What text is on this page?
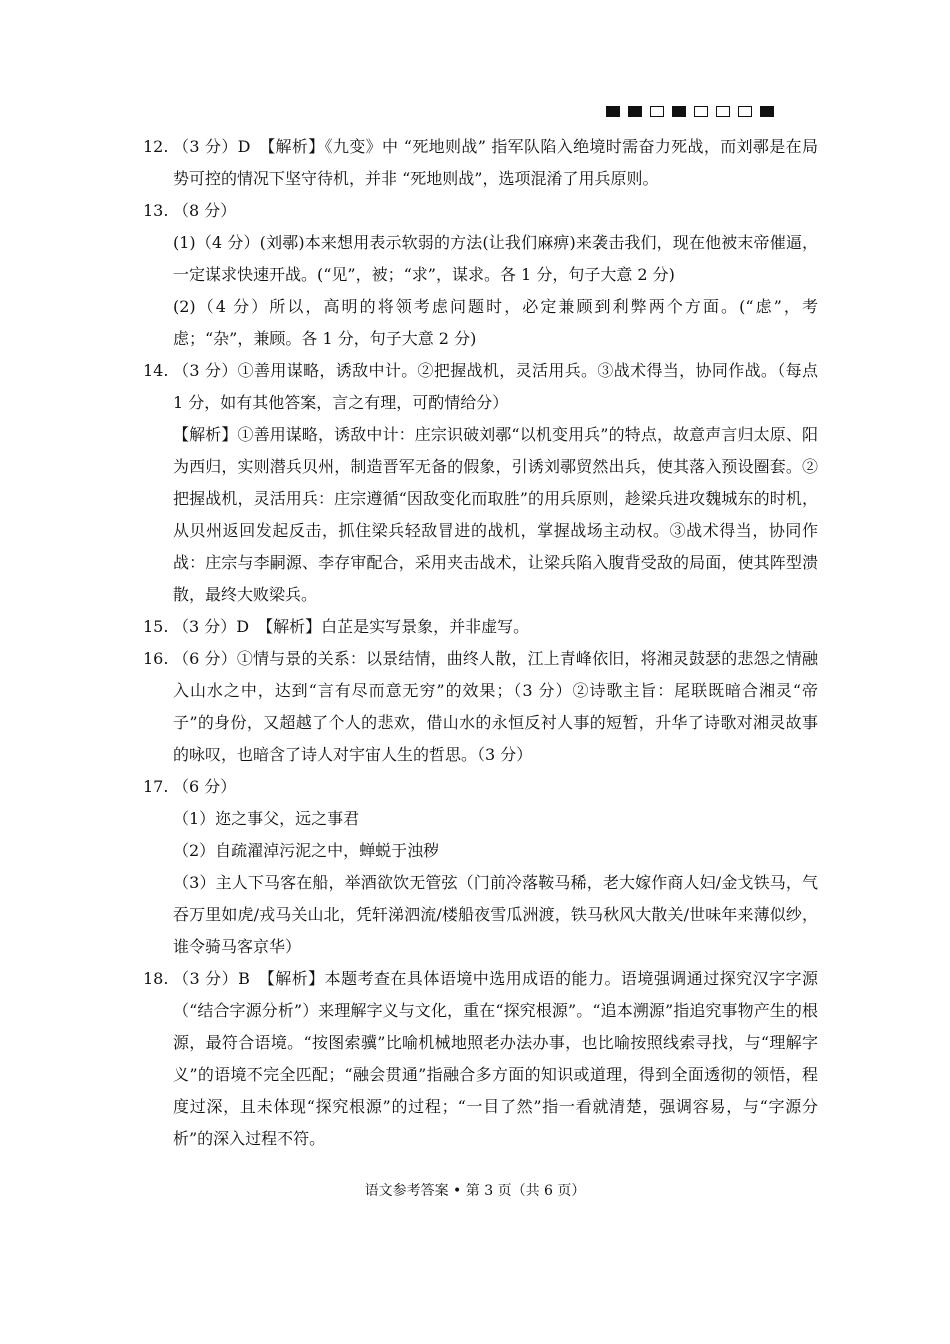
12. （3 分）D　【解析】《九变》中 “死地则战” 指军队陷入绝境时需奋力死战，而刘鄩是在局势可控的情况下坚守待机，并非 “死地则战”，选项混淆了用兵原则。

13. （8 分）

(1)（4 分）(刘鄩)本来想用表示软弱的方法(让我们麻痹)来袭击我们，现在他被末帝催逼，一定谋求快速开战。(“见”，被；“求”，谋求。各 1 分，句子大意 2 分)

(2)（4 分）所以，高明的将领考虑问题时，必定兼顾到利弊两个方面。(“虑”，考虑；“杂”，兼顾。各 1 分，句子大意 2 分)

14. （3 分）①善用谋略，诱敌中计。②把握战机，灵活用兵。③战术得当，协同作战。（每点 1 分，如有其他答案，言之有理，可酌情给分）

【解析】①善用谋略，诱敌中计：庄宗识破刘鄩“以机变用兵”的特点，故意声言归太原、阳为西归，实则潜兵贝州，制造晋军无备的假象，引诱刘鄩贸然出兵，使其落入预设圈套。②把握战机，灵活用兵：庄宗遵循“因敌变化而取胜”的用兵原则，趁梁兵进攻魏城东的时机，从贝州返回发起反击，抓住梁兵轻敌冒进的战机，掌握战场主动权。③战术得当，协同作战：庄宗与李嗣源、李存审配合，采用夹击战术，让梁兵陷入腹背受敌的局面，使其阵型溃散，最终大败梁兵。

15. （3 分）D　【解析】白芷是实写景象，并非虚写。

16. （6 分）①情与景的关系：以景结情，曲终人散，江上青峰依旧，将湘灵鼓瑟的悲怨之情融入山水之中，达到“言有尽而意无穷”的效果；（3 分）②诗歌主旨：尾联既暗合湘灵“帝子”的身份，又超越了个人的悲欢，借山水的永恒反衬人事的短暂，升华了诗歌对湘灵故事的咏叹，也暗含了诗人对宇宙人生的哲思。（3 分）

17. （6 分）

（1）迩之事父，远之事君

（2）自疏濯淖污泥之中，蝉蜕于浊秽

（3）主人下马客在船，举酒欲饮无管弦（门前冷落鞍马稀，老大嫁作商人妇/金戈铁马，气吞万里如虎/戎马关山北，凭轩涕泗流/楼船夜雪瓜洲渡，铁马秋风大散关/世味年来薄似纱，谁令骑马客京华）

18. （3 分）B　【解析】本题考查在具体语境中选用成语的能力。语境强调通过探究汉字字源（“结合字源分析”）来理解字义与文化，重在“探究根源”。“追本溯源”指追究事物产生的根源，最符合语境。“按图索骥”比喻机械地照老办法办事，也比喻按照线索寻找，与“理解字义”的语境不完全匹配；“融会贯通”指融合多方面的知识或道理，得到全面透彻的领悟，程度过深，且未体现“探究根源”的过程；“一目了然”指一看就清楚，强调容易，与“字源分析”的深入过程不符。

语文参考答案 • 第 3 页（共 6 页）
